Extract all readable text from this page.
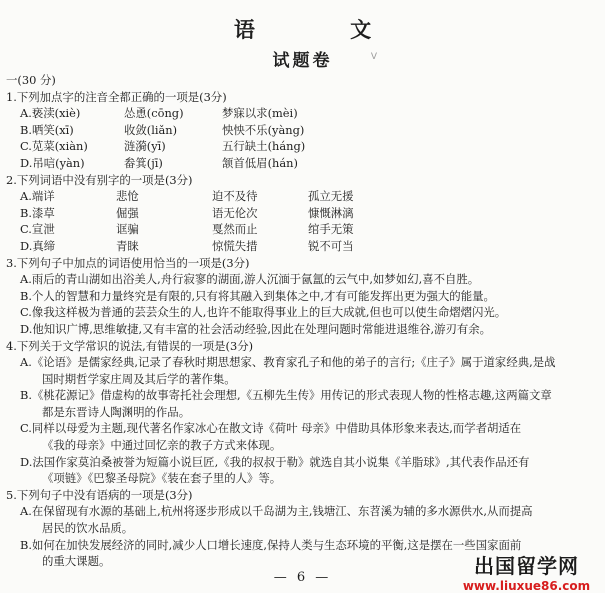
语 文
试题卷	V
一(30 分)
1.下列加点字的注音全都正确的一项是(3分)
A.亵渎(xiè)	怂恿(cōng)	梦寐以求(mèi)
B.哂笑(xī)	收敛(liǎn)	怏怏不乐(yàng)
C.苋菜(xiàn)	涟漪(yī)	五行缺土(háng)
D.吊唁(yàn)	畚箕(jī)	颔首低眉(hán)
2.下列词语中没有别字的一项是(3分)
A.端详	悲怆	迫不及待	孤立无援
B.漆草	倔强	语无伦次	慷慨淋漓
C.宣泄	诓骗	戛然而止	绾手无策
D.真缔	青睐	惊慌失措	锐不可当
3.下列句子中加点的词语使用恰当的一项是(3分)
A.雨后的青山湖如出浴美人,舟行寂寥的湖面,游人沉湎于氤氲的云气中,如梦如幻,喜不自胜。
B.个人的智慧和力量终究是有限的,只有将其融入到集体之中,才有可能发挥出更为强大的能量。
C.像我这样极为普通的芸芸众生的人,也许不能取得事业上的巨大成就,但也可以使生命熠熠闪光。
D.他知识广博,思维敏捷,又有丰富的社会活动经验,因此在处理问题时常能进退维谷,游刃有余。
4.下列关于文学常识的说法,有错误的一项是(3分)
A.《论语》是儒家经典,记录了春秋时期思想家、教育家孔子和他的弟子的言行;《庄子》属于道家经典,是战
国时期哲学家庄周及其后学的著作集。
B.《桃花源记》借虚构的故事寄托社会理想,《五柳先生传》用传记的形式表现人物的性格志趣,这两篇文章
都是东晋诗人陶渊明的作品。
C.同样以母爱为主题,现代著名作家冰心在散文诗《荷叶 母亲》中借助具体形象来表达,而学者胡适在
《我的母亲》中通过回忆亲的教子方式来体现。
D.法国作家莫泊桑被誉为短篇小说巨匠,《我的叔叔于勒》就选自其小说集《羊脂球》,其代表作品还有
《项链》《巴黎圣母院》《装在套子里的人》等。
5.下列句子中没有语病的一项是(3分)
A.在保留现有水源的基础上,杭州将逐步形成以千岛湖为主,钱塘江、东苕溪为辅的多水源供水,从而提高
居民的饮水品质。
B.如何在加快发展经济的同时,减少人口增长速度,保持人类与生态环境的平衡,这是摆在一些国家面前
的重大课题。
— 6 —	出国留学网
www.liuxue86.com
